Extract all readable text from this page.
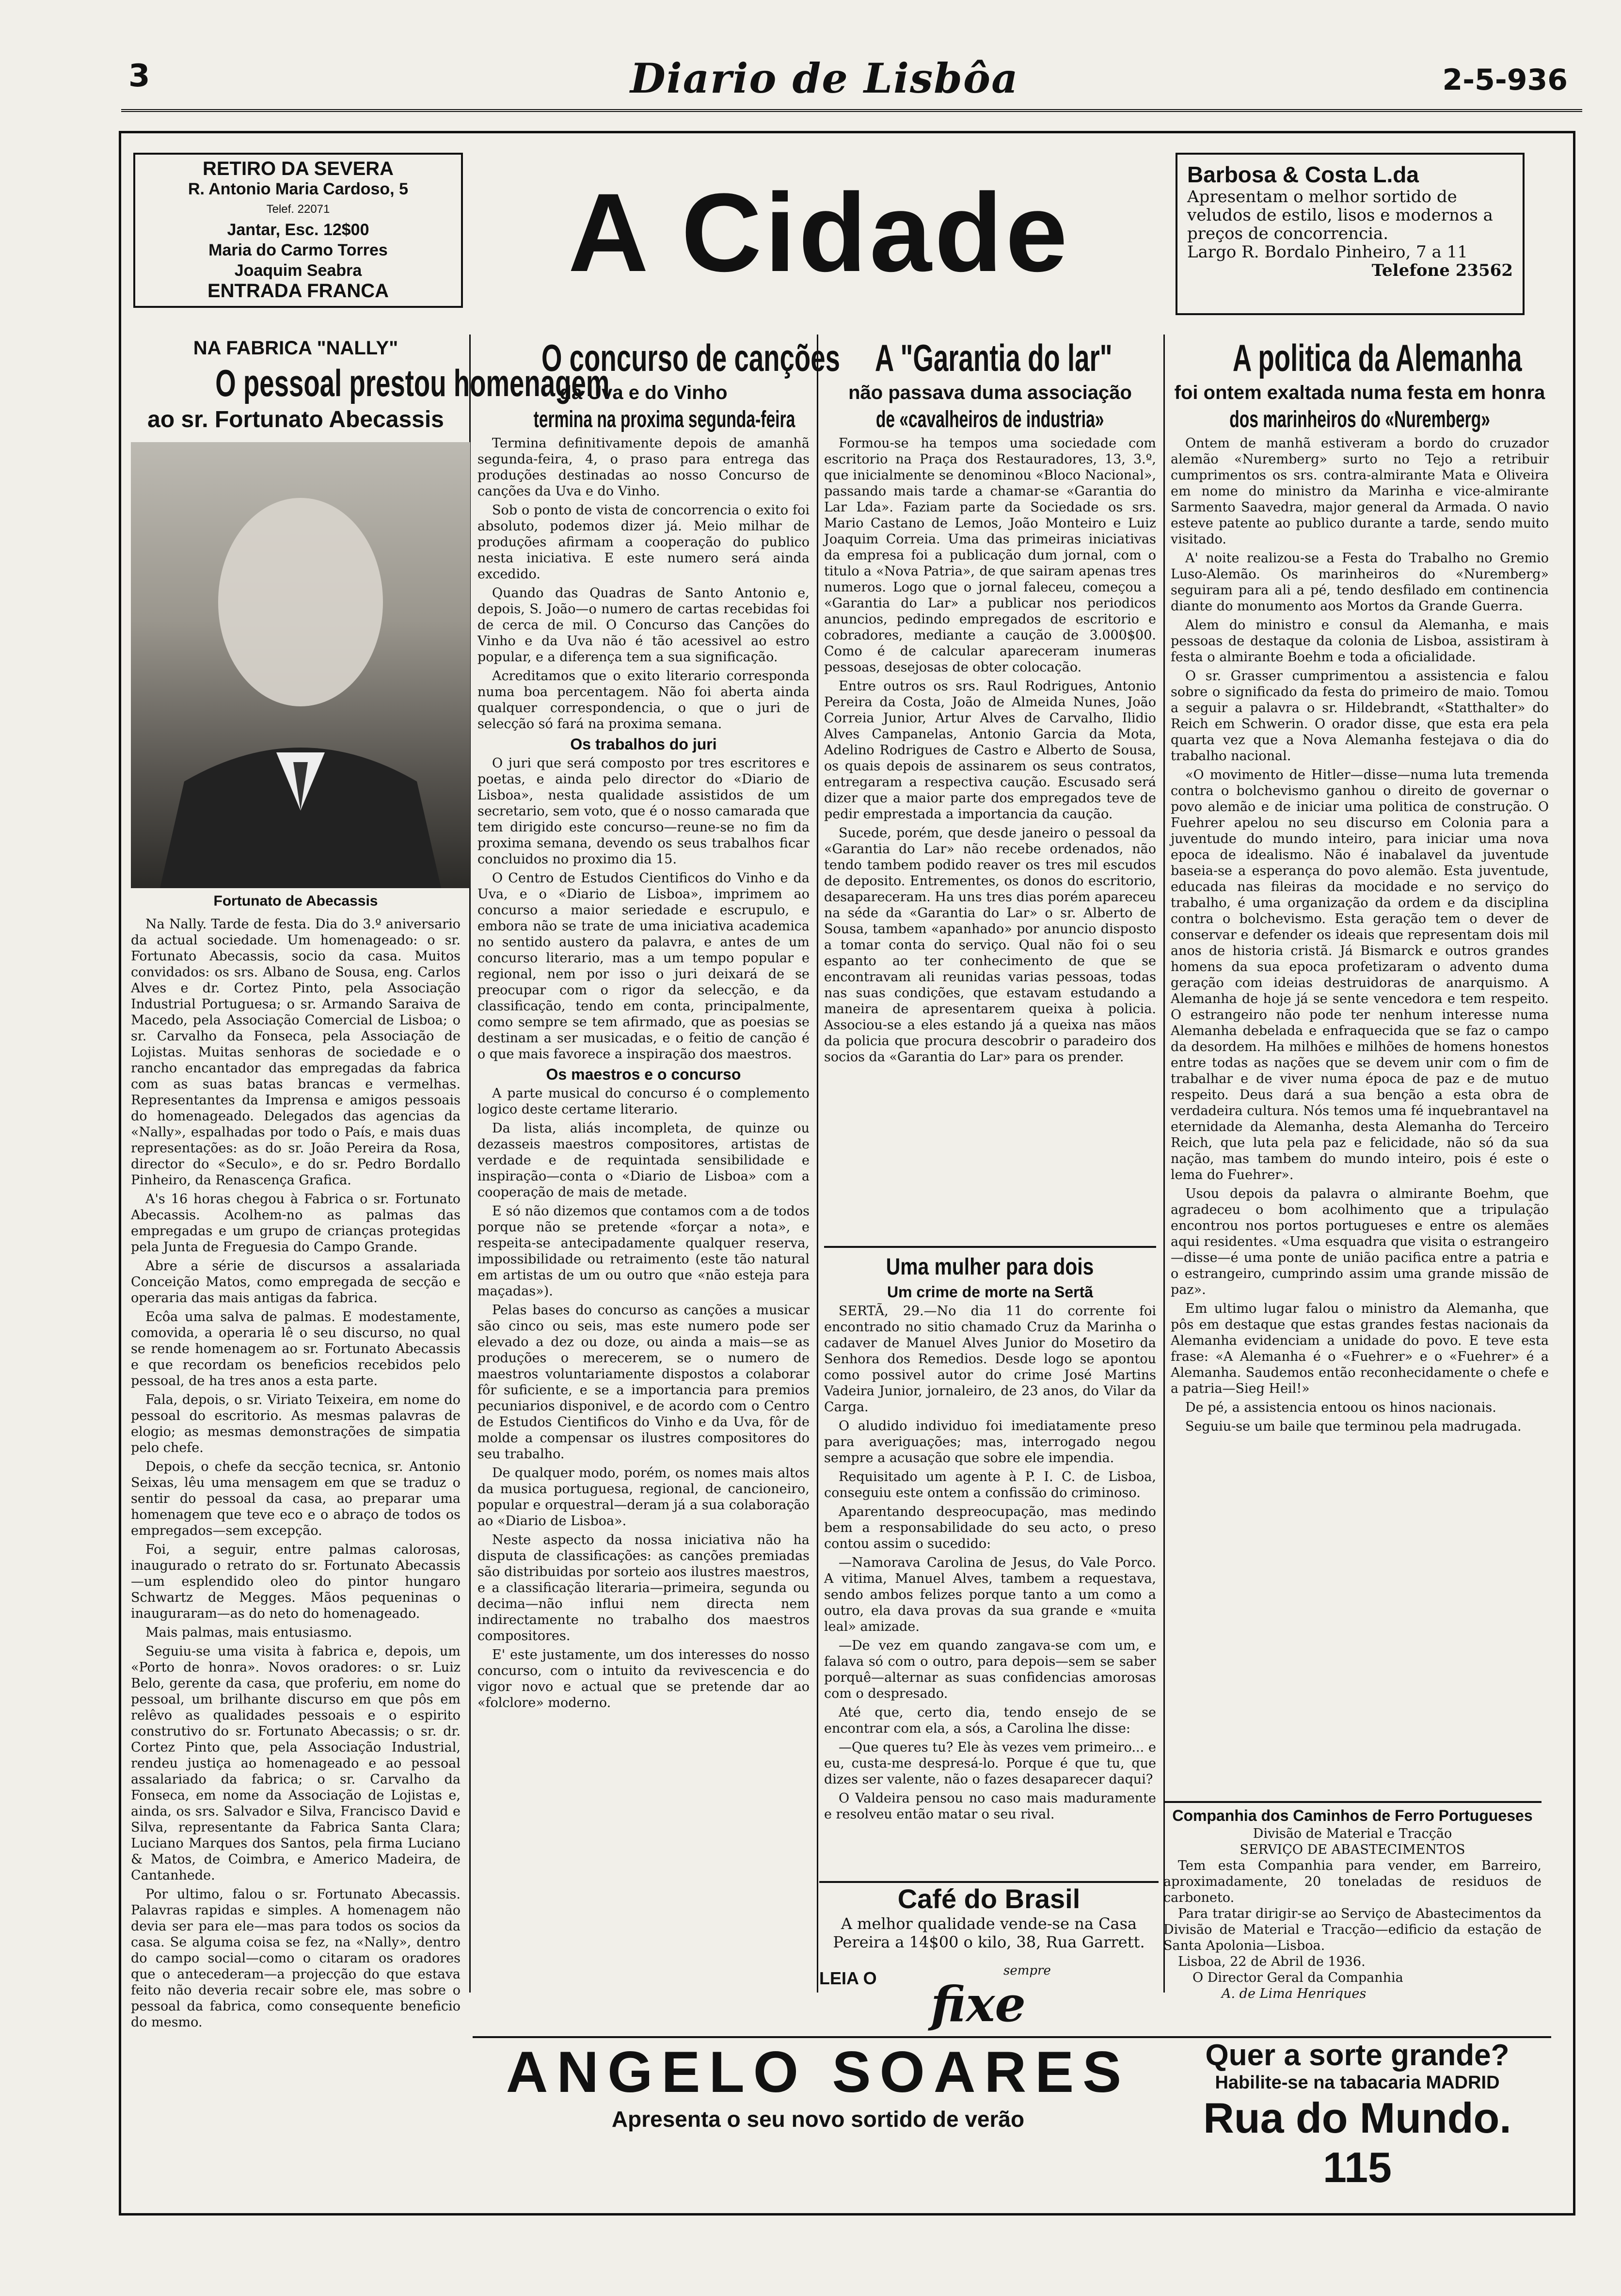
3	Diario de Lisbôa	2-5-936
RETIRO DA SEVERA
R. Antonio Maria Cardoso, 5
Telef. 22071
Jantar, Esc. 12$00
Maria do Carmo Torres
Joaquim Seabra
ENTRADA FRANCA	A Cidade	Barbosa & Costa L.da
Apresentam o melhor sortido de veludos de estilo, lisos e modernos a preços de concorrencia.
Largo R. Bordalo Pinheiro, 7 a 11
Telefone 23562
NA FABRICA "NALLY"
O pessoal prestou homenagem
ao sr. Fortunato Abecassis
Fortunato de Abecassis

Na Nally. Tarde de festa. Dia do 3.º aniversario da actual sociedade. Um homenageado: o sr. Fortunato Abecassis, socio da casa. Muitos convidados: os srs. Albano de Sousa, eng. Carlos Alves e dr. Cortez Pinto, pela Associação Industrial Portuguesa; o sr. Armando Saraiva de Macedo, pela Associação Comercial de Lisboa; o sr. Carvalho da Fonseca, pela Associação de Lojistas. Muitas senhoras de sociedade e o rancho encantador das empregadas da fabrica com as suas batas brancas e vermelhas. Representantes da Imprensa e amigos pessoais do homenageado. Delegados das agencias da «Nally», espalhadas por todo o País, e mais duas representações: as do sr. João Pereira da Rosa, director do «Seculo», e do sr. Pedro Bordallo Pinheiro, da Renascença Grafica.

A's 16 horas chegou à Fabrica o sr. Fortunato Abecassis. Acolhem-no as palmas das empregadas e um grupo de crianças protegidas pela Junta de Freguesia do Campo Grande.

Abre a série de discursos a assalariada Conceição Matos, como empregada de secção e operaria das mais antigas da fabrica.

Ecôa uma salva de palmas. E modestamente, comovida, a operaria lê o seu discurso, no qual se rende homenagem ao sr. Fortunato Abecassis e que recordam os beneficios recebidos pelo pessoal, de ha tres anos a esta parte.

Fala, depois, o sr. Viriato Teixeira, em nome do pessoal do escritorio. As mesmas palavras de elogio; as mesmas demonstrações de simpatia pelo chefe.

Depois, o chefe da secção tecnica, sr. Antonio Seixas, lêu uma mensagem em que se traduz o sentir do pessoal da casa, ao preparar uma homenagem que teve eco e o abraço de todos os empregados—sem excepção.

Foi, a seguir, entre palmas calorosas, inaugurado o retrato do sr. Fortunato Abecassis—um esplendido oleo do pintor hungaro Schwartz de Megges. Mãos pequeninas o inauguraram—as do neto do homenageado.

Mais palmas, mais entusiasmo.

Seguiu-se uma visita à fabrica e, depois, um «Porto de honra». Novos oradores: o sr. Luiz Belo, gerente da casa, que proferiu, em nome do pessoal, um brilhante discurso em que pôs em relêvo as qualidades pessoais e o espirito construtivo do sr. Fortunato Abecassis; o sr. dr. Cortez Pinto que, pela Associação Industrial, rendeu justiça ao homenageado e ao pessoal assalariado da fabrica; o sr. Carvalho da Fonseca, em nome da Associação de Lojistas e, ainda, os srs. Salvador e Silva, Francisco David e Silva, representante da Fabrica Santa Clara; Luciano Marques dos Santos, pela firma Luciano & Matos, de Coimbra, e Americo Madeira, de Cantanhede.

Por ultimo, falou o sr. Fortunato Abecassis. Palavras rapidas e simples. A homenagem não devia ser para ele—mas para todos os socios da casa. Se alguma coisa se fez, na «Nally», dentro do campo social—como o citaram os oradores que o antecederam—a projecção do que estava feito não deveria recair sobre ele, mas sobre o pessoal da fabrica, como consequente beneficio do mesmo.

O concurso de canções
da Uva e do Vinho
termina na proxima segunda-feira

Termina definitivamente depois de amanhã segunda-feira, 4, o praso para entrega das produções destinadas ao nosso Concurso de canções da Uva e do Vinho.

Sob o ponto de vista de concorrencia o exito foi absoluto, podemos dizer já. Meio milhar de produções afirmam a cooperação do publico nesta iniciativa. E este numero será ainda excedido.

Quando das Quadras de Santo Antonio e, depois, S. João—o numero de cartas recebidas foi de cerca de mil. O Concurso das Canções do Vinho e da Uva não é tão acessivel ao estro popular, e a diferença tem a sua significação.

Acreditamos que o exito literario corresponda numa boa percentagem. Não foi aberta ainda qualquer correspondencia, o que o juri de selecção só fará na proxima semana.

Os trabalhos do juri

O juri que será composto por tres escritores e poetas, e ainda pelo director do «Diario de Lisboa», nesta qualidade assistidos de um secretario, sem voto, que é o nosso camarada que tem dirigido este concurso—reune-se no fim da proxima semana, devendo os seus trabalhos ficar concluidos no proximo dia 15.

O Centro de Estudos Cientificos do Vinho e da Uva, e o «Diario de Lisboa», imprimem ao concurso a maior seriedade e escrupulo, e embora não se trate de uma iniciativa academica no sentido austero da palavra, e antes de um concurso literario, mas a um tempo popular e regional, nem por isso o juri deixará de se preocupar com o rigor da selecção, e da classificação, tendo em conta, principalmente, como sempre se tem afirmado, que as poesias se destinam a ser musicadas, e o feitio de canção é o que mais favorece a inspiração dos maestros.

Os maestros e o concurso

A parte musical do concurso é o complemento logico deste certame literario.

Da lista, aliás incompleta, de quinze ou dezasseis maestros compositores, artistas de verdade e de requintada sensibilidade e inspiração—conta o «Diario de Lisboa» com a cooperação de mais de metade.

E só não dizemos que contamos com a de todos porque não se pretende «forçar a nota», e respeita-se antecipadamente qualquer reserva, impossibilidade ou retraimento (este tão natural em artistas de um ou outro que «não esteja para maçadas»).

Pelas bases do concurso as canções a musicar são cinco ou seis, mas este numero pode ser elevado a dez ou doze, ou ainda a mais—se as produções o merecerem, se o numero de maestros voluntariamente dispostos a colaborar fôr suficiente, e se a importancia para premios pecuniarios disponivel, e de acordo com o Centro de Estudos Cientificos do Vinho e da Uva, fôr de molde a compensar os ilustres compositores do seu trabalho.

De qualquer modo, porém, os nomes mais altos da musica portuguesa, regional, de cancioneiro, popular e orquestral—deram já a sua colaboração ao «Diario de Lisboa».

Neste aspecto da nossa iniciativa não ha disputa de classificações: as canções premiadas são distribuidas por sorteio aos ilustres maestros, e a classificação literaria—primeira, segunda ou decima—não influi nem directa nem indirectamente no trabalho dos maestros compositores.

E' este justamente, um dos interesses do nosso concurso, com o intuito da revivescencia e do vigor novo e actual que se pretende dar ao «folclore» moderno.

A "Garantia do lar"
não passava duma associação
de «cavalheiros de industria»

Formou-se ha tempos uma sociedade com escritorio na Praça dos Restauradores, 13, 3.º, que inicialmente se denominou «Bloco Nacional», passando mais tarde a chamar-se «Garantia do Lar Lda». Faziam parte da Sociedade os srs. Mario Castano de Lemos, João Monteiro e Luiz Joaquim Correia. Uma das primeiras iniciativas da empresa foi a publicação dum jornal, com o titulo a «Nova Patria», de que sairam apenas tres numeros. Logo que o jornal faleceu, começou a «Garantia do Lar» a publicar nos periodicos anuncios, pedindo empregados de escritorio e cobradores, mediante a caução de 3.000$00. Como é de calcular apareceram inumeras pessoas, desejosas de obter colocação.

Entre outros os srs. Raul Rodrigues, Antonio Pereira da Costa, João de Almeida Nunes, João Correia Junior, Artur Alves de Carvalho, Ilidio Alves Campanelas, Antonio Garcia da Mota, Adelino Rodrigues de Castro e Alberto de Sousa, os quais depois de assinarem os seus contratos, entregaram a respectiva caução. Escusado será dizer que a maior parte dos empregados teve de pedir emprestada a importancia da caução.

Sucede, porém, que desde janeiro o pessoal da «Garantia do Lar» não recebe ordenados, não tendo tambem podido reaver os tres mil escudos de deposito. Entrementes, os donos do escritorio, desapareceram. Ha uns tres dias porém apareceu na séde da «Garantia do Lar» o sr. Alberto de Sousa, tambem «apanhado» por anuncio disposto a tomar conta do serviço. Qual não foi o seu espanto ao ter conhecimento de que se encontravam ali reunidas varias pessoas, todas nas suas condições, que estavam estudando a maneira de apresentarem queixa à policia. Associou-se a eles estando já a queixa nas mãos da policia que procura descobrir o paradeiro dos socios da «Garantia do Lar» para os prender.

Uma mulher para dois
Um crime de morte na Sertã

SERTÃ, 29.—No dia 11 do corrente foi encontrado no sitio chamado Cruz da Marinha o cadaver de Manuel Alves Junior do Mosetiro da Senhora dos Remedios. Desde logo se apontou como possivel autor do crime José Martins Vadeira Junior, jornaleiro, de 23 anos, do Vilar da Carga.

O aludido individuo foi imediatamente preso para averiguações; mas, interrogado negou sempre a acusação que sobre ele impendia.

Requisitado um agente à P. I. C. de Lisboa, conseguiu este ontem a confissão do criminoso.

Aparentando despreocupação, mas medindo bem a responsabilidade do seu acto, o preso contou assim o sucedido:

—Namorava Carolina de Jesus, do Vale Porco. A vitima, Manuel Alves, tambem a requestava, sendo ambos felizes porque tanto a um como a outro, ela dava provas da sua grande e «muita leal» amizade.

—De vez em quando zangava-se com um, e falava só com o outro, para depois—sem se saber porquê—alternar as suas confidencias amorosas com o despresado.

Até que, certo dia, tendo ensejo de se encontrar com ela, a sós, a Carolina lhe disse:

—Que queres tu? Ele às vezes vem primeiro... e eu, custa-me despresá-lo. Porque é que tu, que dizes ser valente, não o fazes desaparecer daqui?

O Valdeira pensou no caso mais maduramente e resolveu então matar o seu rival.

Café do Brasil
A melhor qualidade vende-se na Casa Pereira a 14$00 o kilo, 38, Rua Garrett.
LEIA O	sempre
fixe
A politica da Alemanha
foi ontem exaltada numa festa em honra
dos marinheiros do «Nuremberg»

Ontem de manhã estiveram a bordo do cruzador alemão «Nuremberg» surto no Tejo a retribuir cumprimentos os srs. contra-almirante Mata e Oliveira em nome do ministro da Marinha e vice-almirante Sarmento Saavedra, major general da Armada. O navio esteve patente ao publico durante a tarde, sendo muito visitado.

A' noite realizou-se a Festa do Trabalho no Gremio Luso-Alemão. Os marinheiros do «Nuremberg» seguiram para ali a pé, tendo desfilado em continencia diante do monumento aos Mortos da Grande Guerra.

Alem do ministro e consul da Alemanha, e mais pessoas de destaque da colonia de Lisboa, assistiram à festa o almirante Boehm e toda a oficialidade.

O sr. Grasser cumprimentou a assistencia e falou sobre o significado da festa do primeiro de maio. Tomou a seguir a palavra o sr. Hildebrandt, «Statthalter» do Reich em Schwerin. O orador disse, que esta era pela quarta vez que a Nova Alemanha festejava o dia do trabalho nacional.

«O movimento de Hitler—disse—numa luta tremenda contra o bolchevismo ganhou o direito de governar o povo alemão e de iniciar uma politica de construção. O Fuehrer apelou no seu discurso em Colonia para a juventude do mundo inteiro, para iniciar uma nova epoca de idealismo. Não é inabalavel da juventude baseia-se a esperança do povo alemão. Esta juventude, educada nas fileiras da mocidade e no serviço do trabalho, é uma organização da ordem e da disciplina contra o bolchevismo. Esta geração tem o dever de conservar e defender os ideais que representam dois mil anos de historia cristã. Já Bismarck e outros grandes homens da sua epoca profetizaram o advento duma geração com ideias destruidoras de anarquismo. A Alemanha de hoje já se sente vencedora e tem respeito. O estrangeiro não pode ter nenhum interesse numa Alemanha debelada e enfraquecida que se faz o campo da desordem. Ha milhões e milhões de homens honestos entre todas as nações que se devem unir com o fim de trabalhar e de viver numa época de paz e de mutuo respeito. Deus dará a sua benção a esta obra de verdadeira cultura. Nós temos uma fé inquebrantavel na eternidade da Alemanha, desta Alemanha do Terceiro Reich, que luta pela paz e felicidade, não só da sua nação, mas tambem do mundo inteiro, pois é este o lema do Fuehrer».

Usou depois da palavra o almirante Boehm, que agradeceu o bom acolhimento que a tripulação encontrou nos portos portugueses e entre os alemães aqui residentes. «Uma esquadra que visita o estrangeiro—disse—é uma ponte de união pacifica entre a patria e o estrangeiro, cumprindo assim uma grande missão de paz».

Em ultimo lugar falou o ministro da Alemanha, que pôs em destaque que estas grandes festas nacionais da Alemanha evidenciam a unidade do povo. E teve esta frase: «A Alemanha é o «Fuehrer» e o «Fuehrer» é a Alemanha. Saudemos então reconhecidamente o chefe e a patria—Sieg Heil!»

De pé, a assistencia entoou os hinos nacionais.

Seguiu-se um baile que terminou pela madrugada.

Companhia dos Caminhos de Ferro Portugueses
Divisão de Material e Tracção
SERVIÇO DE ABASTECIMENTOS
Tem esta Companhia para vender, em Barreiro, aproximadamente, 20 toneladas de residuos de carboneto.
Para tratar dirigir-se ao Serviço de Abastecimentos da Divisão de Material e Tracção—edificio da estação de Santa Apolonia—Lisboa.
Lisboa, 22 de Abril de 1936.
O Director Geral da Companhia
A. de Lima Henriques
ANGELO SOARES
Apresenta o seu novo sortido de verão
Quer a sorte grande?
Habilite-se na tabacaria MADRID
Rua do Mundo. 115
